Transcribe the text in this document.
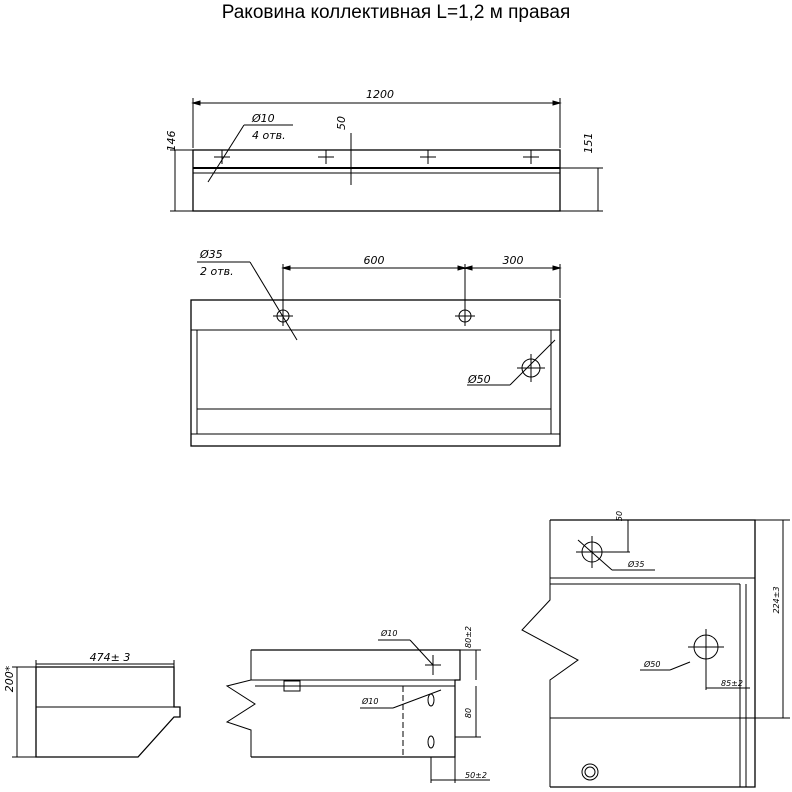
Раковина коллективная L=1,2 м правая
1200
146	151
50
Ø10
4 отв.
Ø35
2 отв.
600	300
Ø50
474± 3
200*
Ø10
Ø10
80±2
80
50±2
50
Ø35
224±3
Ø50
85±2
